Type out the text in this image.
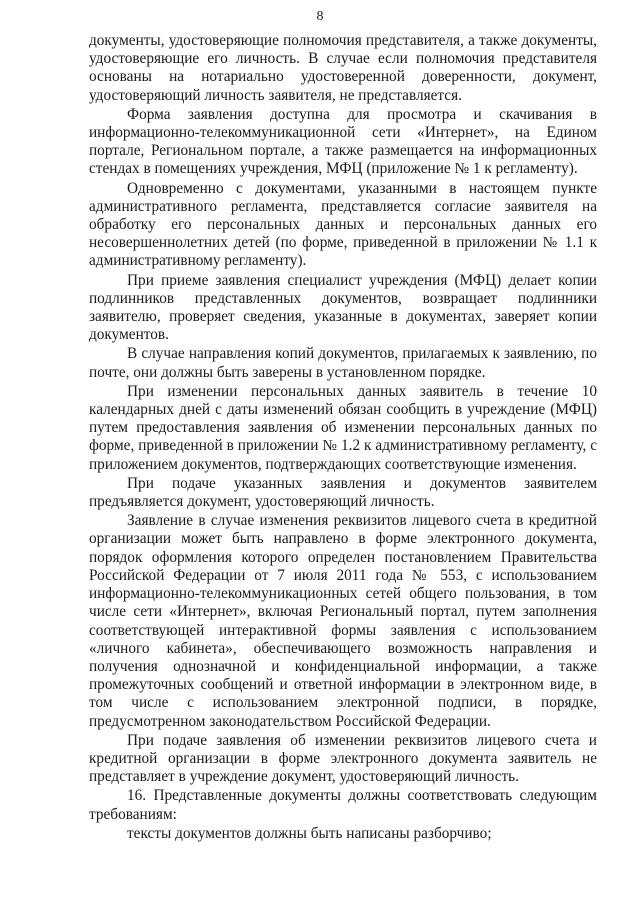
8

документы, удостоверяющие полномочия представителя, а также документы, удостоверяющие его личность. В случае если полномочия представителя основаны на нотариально удостоверенной доверенности, документ, удостоверяющий личность заявителя, не представляется.

Форма заявления доступна для просмотра и скачивания в информационно-телекоммуникационной сети «Интернет», на Едином портале, Региональном портале, а также размещается на информационных стендах в помещениях учреждения, МФЦ (приложение № 1 к регламенту).

Одновременно с документами, указанными в настоящем пункте административного регламента, представляется согласие заявителя на обработку его персональных данных и персональных данных его несовершеннолетних детей (по форме, приведенной в приложении № 1.1 к административному регламенту).

При приеме заявления специалист учреждения (МФЦ) делает копии подлинников представленных документов, возвращает подлинники заявителю, проверяет сведения, указанные в документах, заверяет копии документов.

В случае направления копий документов, прилагаемых к заявлению, по почте, они должны быть заверены в установленном порядке.

При изменении персональных данных заявитель в течение 10 календарных дней с даты изменений обязан сообщить в учреждение (МФЦ) путем предоставления заявления об изменении персональных данных по форме, приведенной в приложении № 1.2 к административному регламенту, с приложением документов, подтверждающих соответствующие изменения.

При подаче указанных заявления и документов заявителем предъявляется документ, удостоверяющий личность.

Заявление в случае изменения реквизитов лицевого счета в кредитной организации может быть направлено в форме электронного документа, порядок оформления которого определен постановлением Правительства Российской Федерации от 7 июля 2011 года № 553, с использованием информационно-телекоммуникационных сетей общего пользования, в том числе сети «Интернет», включая Региональный портал, путем заполнения соответствующей интерактивной формы заявления с использованием «личного кабинета», обеспечивающего возможность направления и получения однозначной и конфиденциальной информации, а также промежуточных сообщений и ответной информации в электронном виде, в том числе с использованием электронной подписи, в порядке, предусмотренном законодательством Российской Федерации.

При подаче заявления об изменении реквизитов лицевого счета и кредитной организации в форме электронного документа заявитель не представляет в учреждение документ, удостоверяющий личность.

16. Представленные документы должны соответствовать следующим требованиям:

тексты документов должны быть написаны разборчиво;
